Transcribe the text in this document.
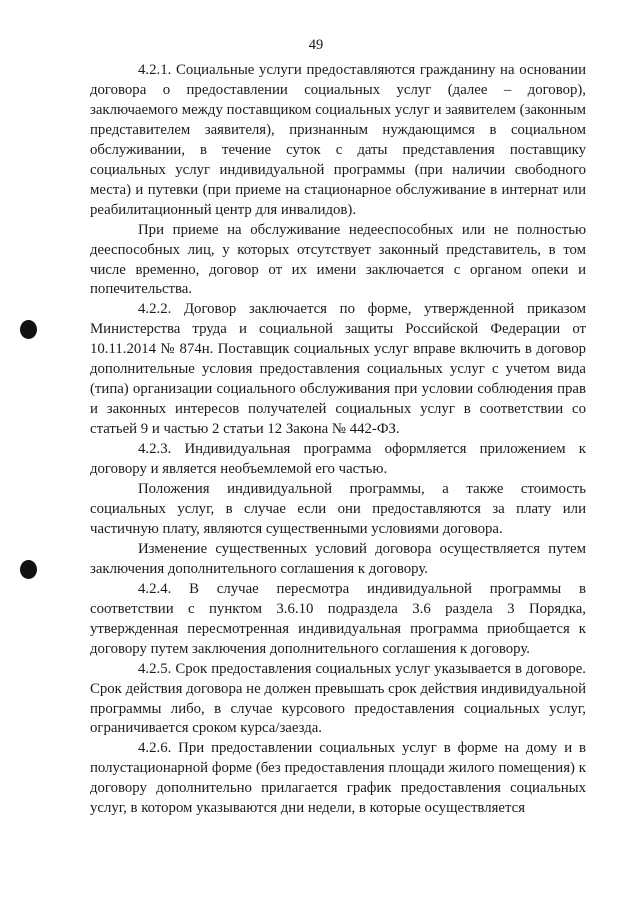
49

4.2.1. Социальные услуги предоставляются гражданину на основании договора о предоставлении социальных услуг (далее – договор), заключаемого между поставщиком социальных услуг и заявителем (законным представителем заявителя), признанным нуждающимся в социальном обслуживании, в течение суток с даты представления поставщику социальных услуг индивидуальной программы (при наличии свободного места) и путевки (при приеме на стационарное обслуживание в интернат или реабилитационный центр для инвалидов).

При приеме на обслуживание недееспособных или не полностью дееспособных лиц, у которых отсутствует законный представитель, в том числе временно, договор от их имени заключается с органом опеки и попечительства.

4.2.2. Договор заключается по форме, утвержденной приказом Министерства труда и социальной защиты Российской Федерации от 10.11.2014 № 874н. Поставщик социальных услуг вправе включить в договор дополнительные условия предоставления социальных услуг с учетом вида (типа) организации социального обслуживания при условии соблюдения прав и законных интересов получателей социальных услуг в соответствии со статьей 9 и частью 2 статьи 12 Закона № 442-ФЗ.

4.2.3. Индивидуальная программа оформляется приложением к договору и является необъемлемой его частью.

Положения индивидуальной программы, а также стоимость социальных услуг, в случае если они предоставляются за плату или частичную плату, являются существенными условиями договора.

Изменение существенных условий договора осуществляется путем заключения дополнительного соглашения к договору.

4.2.4. В случае пересмотра индивидуальной программы в соответствии с пунктом 3.6.10 подраздела 3.6 раздела 3 Порядка, утвержденная пересмотренная индивидуальная программа приобщается к договору путем заключения дополнительного соглашения к договору.

4.2.5. Срок предоставления социальных услуг указывается в договоре. Срок действия договора не должен превышать срок действия индивидуальной программы либо, в случае курсового предоставления социальных услуг, ограничивается сроком курса/заезда.

4.2.6. При предоставлении социальных услуг в форме на дому и в полустационарной форме (без предоставления площади жилого помещения) к договору дополнительно прилагается график предоставления социальных услуг, в котором указываются дни недели, в которые осуществляется
